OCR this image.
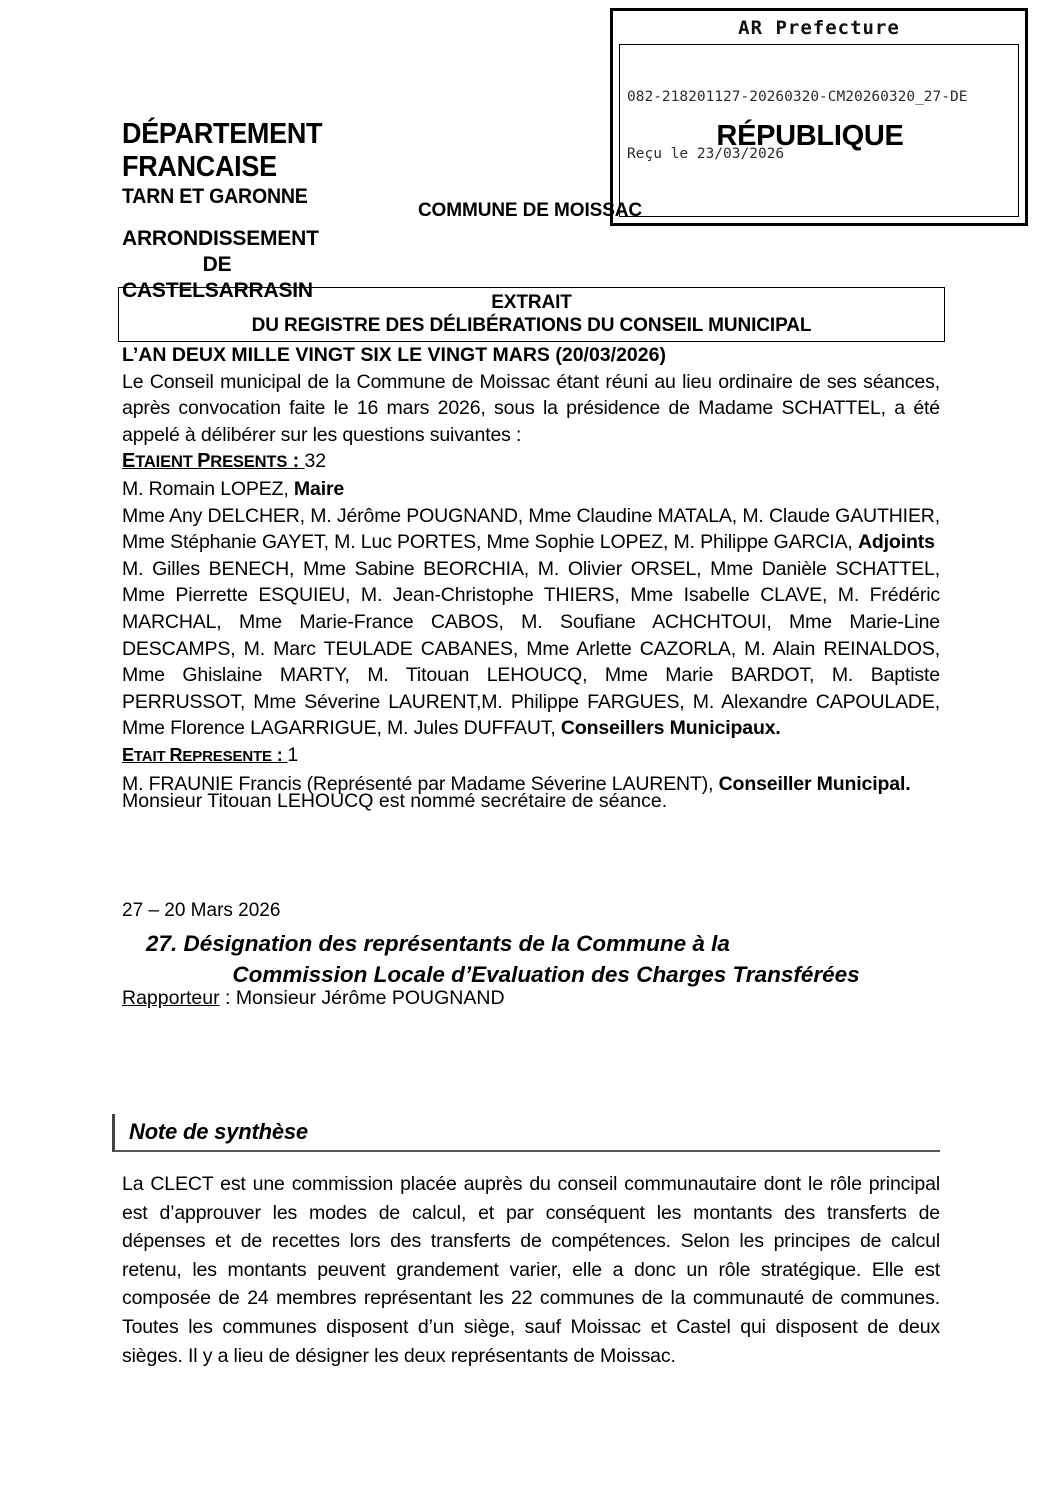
AR Prefecture

082-218201127-20260320-CM20260320_27-DE

Reçu le 23/03/2026

DÉPARTEMENT
FRANCAISE
TARN ET GARONNE
RÉPUBLIQUE
COMMUNE DE MOISSAC
ARRONDISSEMENT
DE
CASTELSARRASIN
EXTRAIT
DU REGISTRE DES DÉLIBÉRATIONS DU CONSEIL MUNICIPAL
L’AN DEUX MILLE VINGT SIX LE VINGT MARS (20/03/2026)
Le Conseil municipal de la Commune de Moissac étant réuni au lieu ordinaire de ses séances, après convocation faite le 16 mars 2026, sous la présidence de Madame SCHATTEL, a été appelé à délibérer sur les questions suivantes :
ETAIENT PRESENTS : 32
M. Romain LOPEZ, Maire
Mme Any DELCHER, M. Jérôme POUGNAND, Mme Claudine MATALA, M. Claude GAUTHIER, Mme Stéphanie GAYET, M. Luc PORTES, Mme Sophie LOPEZ, M. Philippe GARCIA, Adjoints
M. Gilles BENECH, Mme Sabine BEORCHIA, M. Olivier ORSEL, Mme Danièle SCHATTEL, Mme Pierrette ESQUIEU, M. Jean-Christophe THIERS, Mme Isabelle CLAVE, M. Frédéric MARCHAL, Mme Marie-France CABOS, M. Soufiane ACHCHTOUI, Mme Marie-Line DESCAMPS, M. Marc TEULADE CABANES, Mme Arlette CAZORLA, M. Alain REINALDOS, Mme Ghislaine MARTY, M. Titouan LEHOUCQ, Mme Marie BARDOT, M. Baptiste PERRUSSOT, Mme Séverine LAURENT,M. Philippe FARGUES, M. Alexandre CAPOULADE, Mme Florence LAGARRIGUE, M. Jules DUFFAUT, Conseillers Municipaux.
ETAIT REPRESENTE : 1
M. FRAUNIE Francis (Représenté par Madame Séverine LAURENT), Conseiller Municipal.
Monsieur Titouan LEHOUCQ est nommé secrétaire de séance.
27 – 20 Mars 2026
27. Désignation des représentants de la Commune à la
Commission Locale d’Evaluation des Charges Transférées
Rapporteur : Monsieur Jérôme POUGNAND
Note de synthèse
La CLECT est une commission placée auprès du conseil communautaire dont le rôle principal est d’approuver les modes de calcul, et par conséquent les montants des transferts de dépenses et de recettes lors des transferts de compétences. Selon les principes de calcul retenu, les montants peuvent grandement varier, elle a donc un rôle stratégique. Elle est composée de 24 membres représentant les 22 communes de la communauté de communes. Toutes les communes disposent d’un siège, sauf Moissac et Castel qui disposent de deux sièges. Il y a lieu de désigner les deux représentants de Moissac.
